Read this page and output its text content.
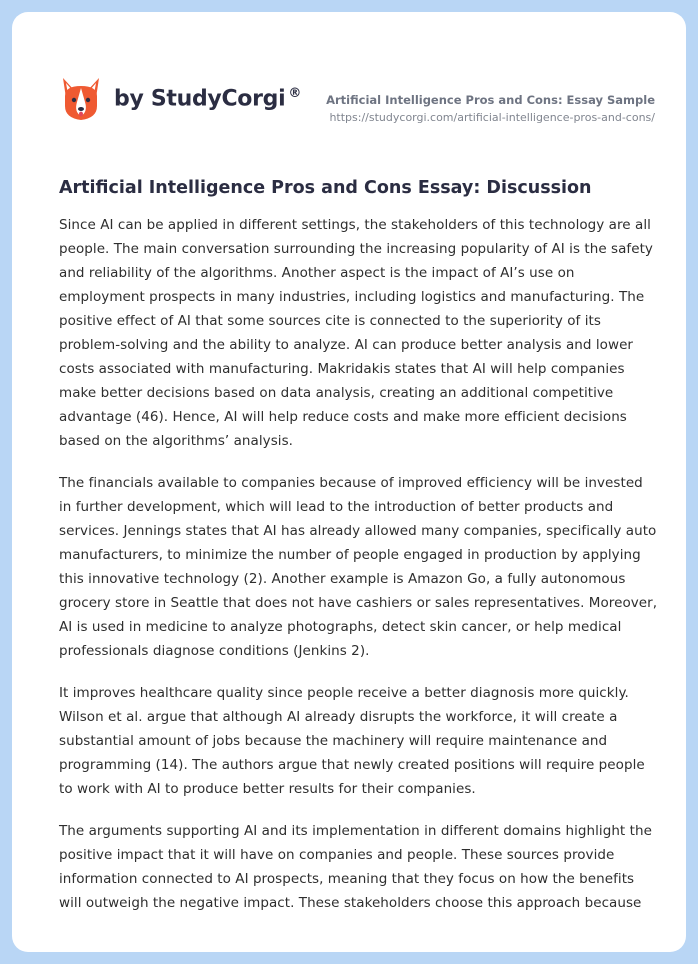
by StudyCorgi ® Artificial Intelligence Pros and Cons: Essay Sample
https://studycorgi.com/artificial-intelligence-pros-and-cons/
Artificial Intelligence Pros and Cons Essay: Discussion

Since AI can be applied in different settings, the stakeholders of this technology are all people. The main conversation surrounding the increasing popularity of AI is the safety and reliability of the algorithms. Another aspect is the impact of AI’s use on employment prospects in many industries, including logistics and manufacturing. The positive effect of AI that some sources cite is connected to the superiority of its problem-solving and the ability to analyze. AI can produce better analysis and lower costs associated with manufacturing. Makridakis states that AI will help companies make better decisions based on data analysis, creating an additional competitive advantage (46). Hence, AI will help reduce costs and make more efficient decisions based on the algorithms’ analysis.

The financials available to companies because of improved efficiency will be invested in further development, which will lead to the introduction of better products and services. Jennings states that AI has already allowed many companies, specifically auto manufacturers, to minimize the number of people engaged in production by applying this innovative technology (2). Another example is Amazon Go, a fully autonomous grocery store in Seattle that does not have cashiers or sales representatives. Moreover, AI is used in medicine to analyze photographs, detect skin cancer, or help medical professionals diagnose conditions (Jenkins 2).

It improves healthcare quality since people receive a better diagnosis more quickly. Wilson et al. argue that although AI already disrupts the workforce, it will create a substantial amount of jobs because the machinery will require maintenance and programming (14). The authors argue that newly created positions will require people to work with AI to produce better results for their companies.

The arguments supporting AI and its implementation in different domains highlight the positive impact that it will have on companies and people. These sources provide information connected to AI prospects, meaning that they focus on how the benefits will outweigh the negative impact. These stakeholders choose this approach because
